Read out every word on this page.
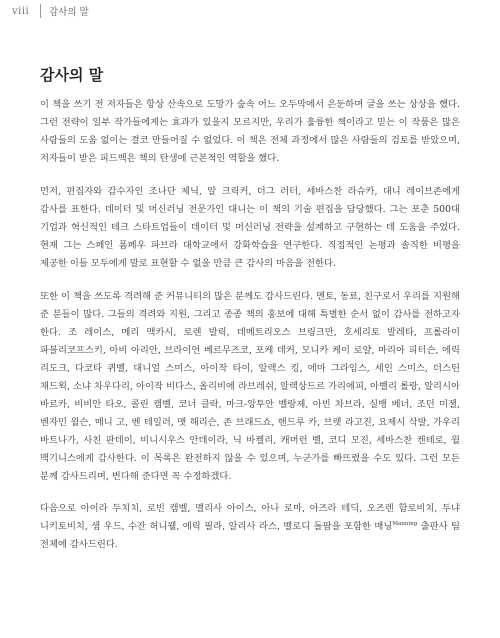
viii	감사의 말
감사의 말

이 책을 쓰기 전 저자들은 항상 산속으로 도망가 숲속 어느 오두막에서 은둔하며 글을 쓰는 상상을 했다. 그런 전략이 일부 작가들에게는 효과가 있을지 모르지만, 우리가 훌륭한 책이라고 믿는 이 작품은 많은 사람들의 도움 없이는 결코 만들어질 수 없었다. 이 책은 전체 과정에서 많은 사람들의 검토를 받았으며, 저자들이 받은 피드백은 책의 탄생에 근본적인 역할을 했다.

먼저, 편집자와 감수자인 조나단 제닉, 알 크릭커, 더그 러터, 세바스찬 라슈카, 대니 레이브존에게 감사를 표한다. 데이터 및 머신러닝 전문가인 대니는 이 책의 기술 편집을 담당했다. 그는 포춘 500대 기업과 혁신적인 테크 스타트업들이 데이터 및 머신러닝 전략을 설계하고 구현하는 데 도움을 주었다. 현재 그는 스페인 폼페우 파브라 대학교에서 강화학습을 연구한다. 직접적인 논평과 솔직한 비평을 제공한 이들 모두에게 말로 표현할 수 없을 만큼 큰 감사의 마음을 전한다.

또한 이 책을 쓰도록 격려해 준 커뮤니티의 많은 분께도 감사드린다. 멘토, 동료, 친구로서 우리를 지원해 준 분들이 많다. 그들의 격려와 지원, 그리고 종종 책의 홍보에 대해 특별한 순서 없이 감사를 전하고자 한다. 조 레이스, 메리 맥카시, 로렌 발릭, 데메트리오스 브링크만, 호세리토 발레타, 프롤라이 파블리코프스키, 아비 아리안, 브라이언 베르무즈코, 포케 데커, 모니카 케이 로얄, 마리아 피터슨, 에릭 리도크, 다코타 퀴벨, 대니얼 스미스, 아이작 타이, 알렉스 킹, 에마 그라임스, 세인 스미스, 더스틴 채드윅, 소냐 차우다리, 아이작 비다스, 올리비에 라브레쉬, 알렉상드르 가리에피, 아벨리 롤랑, 알리시아 바르카, 비비안 타오, 콜린 캠벨, 코너 클락, 마크-앙투안 벨랑제, 아빈 차브라, 실뱅 베너, 조던 미젤, 벤자민 윌슨, 매니 고, 벤 테일러, 맷 해리슨, 존 브래드쇼, 핸드루 카, 브렛 라고진, 요제시 삭발, 가우리 바트나가, 사친 판데이, 비니시우스 안데이라, 닉 바켈리, 캐머런 벨, 코디 모진, 세바스찬 켄테로, 윌 맥기니스에게 감사한다. 이 목록은 완전하지 않을 수 있으며, 누군가를 빠뜨렸을 수도 있다. 그런 모든 분께 감사드리며, 번다해 준다면 꼭 수정하겠다.

다음으로 아이라 두치치, 로빈 캠벨, 멜리사 아이스, 아나 로마, 아즈라 테딕, 오즈렌 함로비치, 두냐 니키토비치, 샘 우드, 수잔 허니웰, 에릭 필라, 알리사 라스, 벨로디 돌팝을 포함한 매닝$^{Manning}$ 출판사 팀 전체에 감사드린다.
